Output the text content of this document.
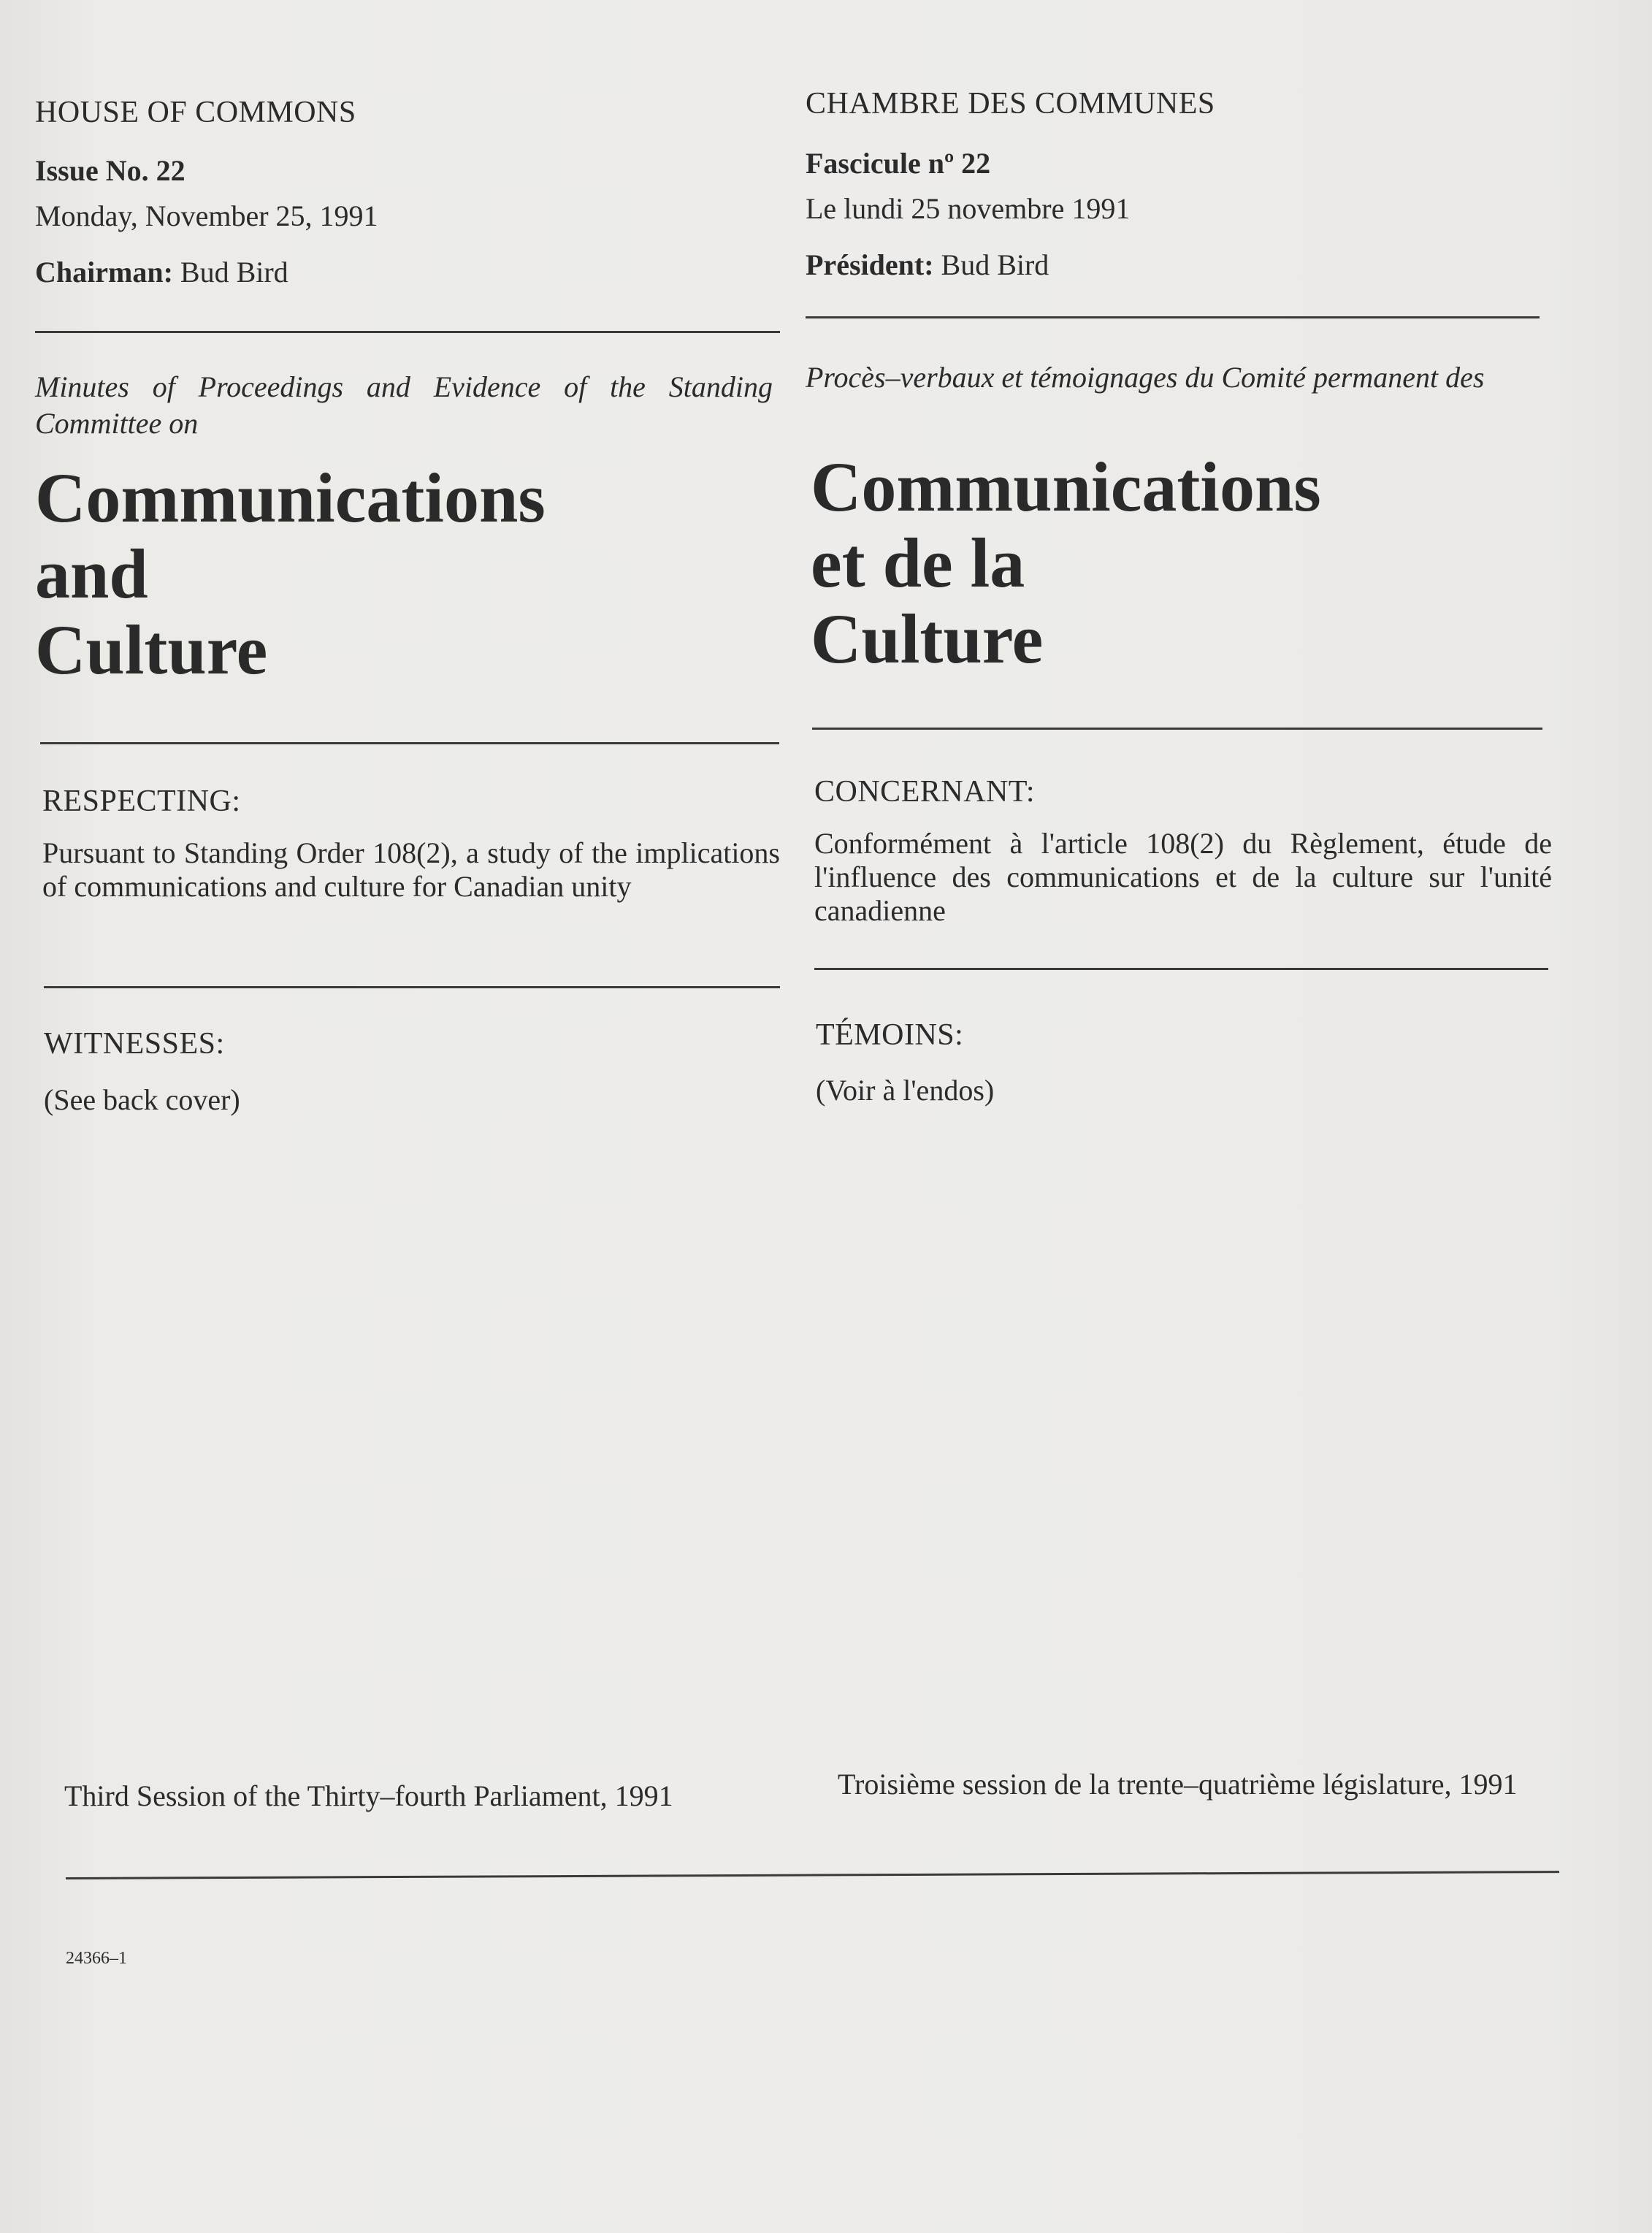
HOUSE OF COMMONS
Issue No. 22
Monday, November 25, 1991
Chairman: Bud Bird
Minutes of Proceedings and Evidence of the Standing Committee on
Communications
and
Culture
RESPECTING:
Pursuant to Standing Order 108(2), a study of the implications of communications and culture for Canadian unity
WITNESSES:
(See back cover)
Third Session of the Thirty–fourth Parliament, 1991
CHAMBRE DES COMMUNES
Fascicule nº 22
Le lundi 25 novembre 1991
Président: Bud Bird
Procès–verbaux et témoignages du Comité permanent des
Communications
et de la
Culture
CONCERNANT:
Conformément à l'article 108(2) du Règlement, étude de l'influence des communications et de la culture sur l'unité canadienne
TÉMOINS:
(Voir à l'endos)
Troisième session de la trente–quatrième législature, 1991
24366–1
